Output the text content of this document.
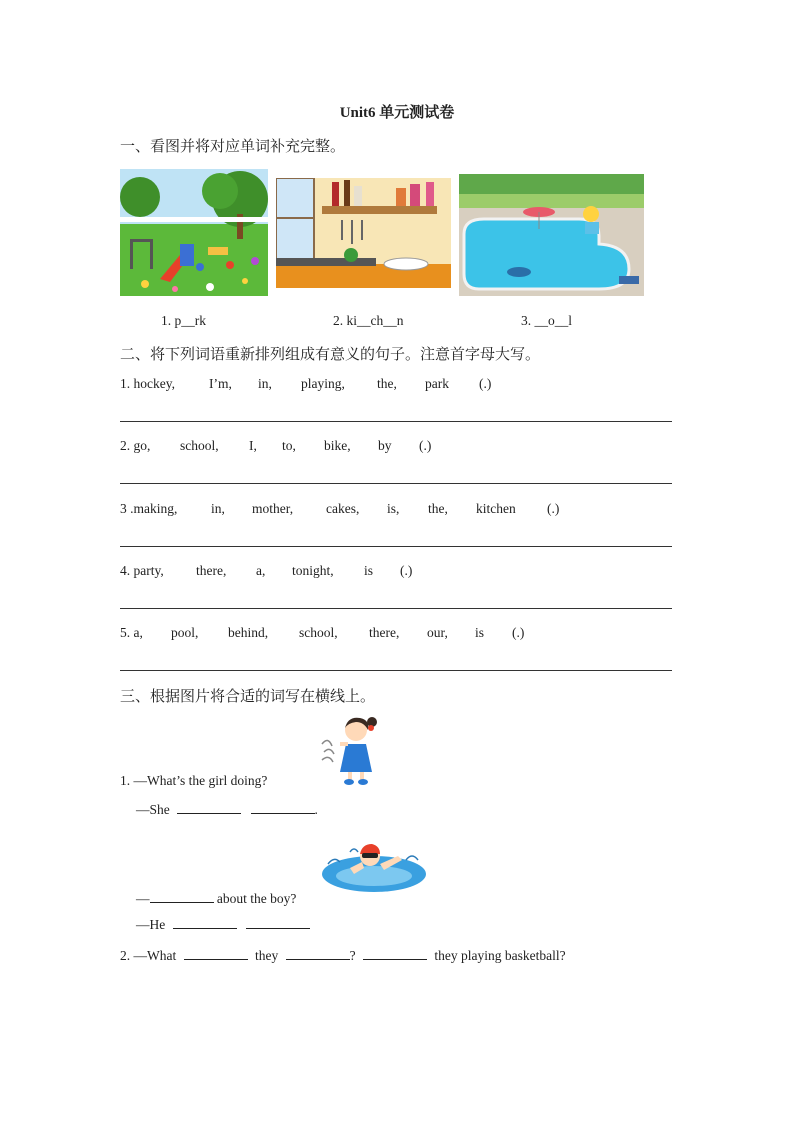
Unit6 单元测试卷
一、看图并将对应单词补充完整。
1. p__rk	2. ki__ch__n	3. __o__l
二、将下列词语重新排列组成有意义的句子。注意首字母大写。
1. hockey,	I’m,	in,	playing,	the,	park	(.)
2. go,	school,	I,	to,	bike,	by	(.)
3 .making,	in,	mother,	cakes,	is,	the,	kitchen	(.)
4. party,	there,	a,	tonight,	is	(.)
5. a,	pool,	behind,	school,	there,	our,	is	(.)
三、根据图片将合适的词写在横线上。
1. —What’s the girl doing?
—She	.
—	about the boy?
—He
2. —What	they	?	they playing basketball?
